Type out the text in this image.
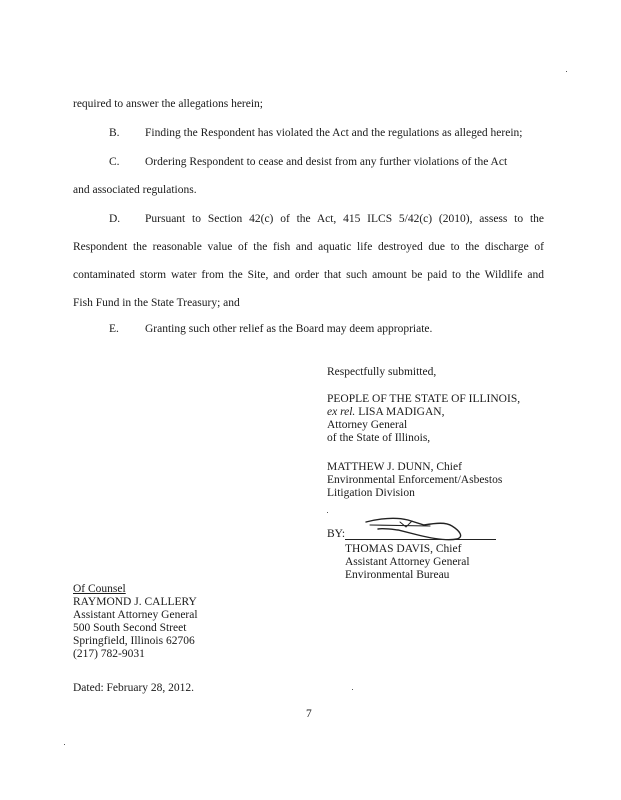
required to answer the allegations herein;
B. Finding the Respondent has violated the Act and the regulations as alleged herein;
C. Ordering Respondent to cease and desist from any further violations of the Act
and associated regulations.
D. Pursuant to Section 42(c) of the Act, 415 ILCS 5/42(c) (2010), assess to the
Respondent the reasonable value of the fish and aquatic life destroyed due to the discharge of
contaminated storm water from the Site, and order that such amount be paid to the Wildlife and
Fish Fund in the State Treasury; and
E. Granting such other relief as the Board may deem appropriate.
Respectfully submitted,
PEOPLE OF THE STATE OF ILLINOIS,
ex rel. LISA MADIGAN,
Attorney General
of the State of Illinois,
MATTHEW J. DUNN, Chief
Environmental Enforcement/Asbestos
Litigation Division
BY:
THOMAS DAVIS, Chief
Assistant Attorney General
Environmental Bureau
Of Counsel
RAYMOND J. CALLERY
Assistant Attorney General
500 South Second Street
Springfield, Illinois 62706
(217) 782-9031
Dated: February 28, 2012.
7
